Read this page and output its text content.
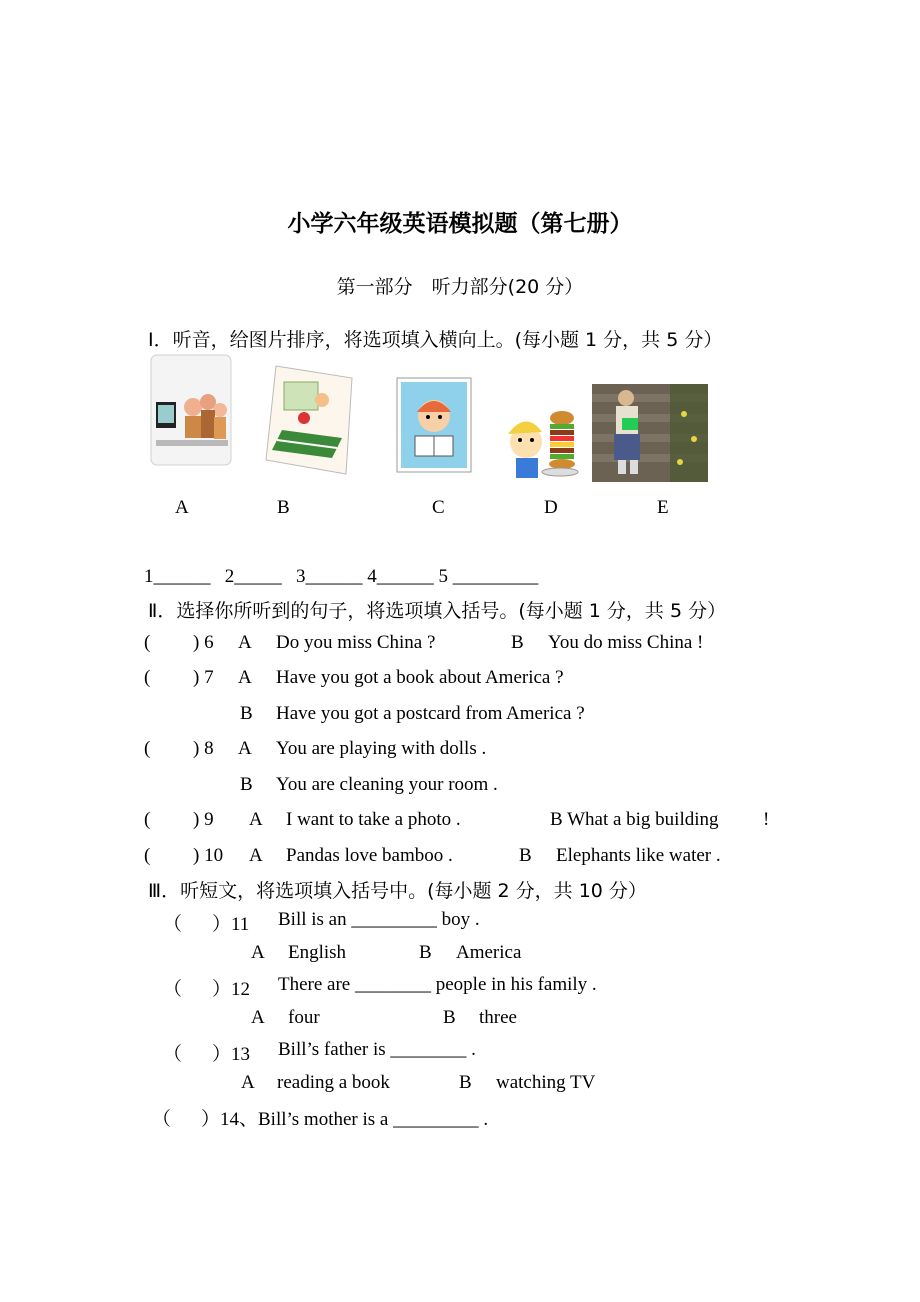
小学六年级英语模拟题（第七册）
第一部分　听力部分(20 分）
Ⅰ．听音，给图片排序，将选项填入横向上。(每小题 1 分，共 5 分）
A	B	C	D	E
1______   2_____   3______ 4______ 5 _________
Ⅱ．选择你所听到的句子，将选项填入括号。(每小题 1 分，共 5 分）
( ) 6 A Do you miss China ?	B You do miss China !
( ) 7 A Have you got a book about America ?
B Have you got a postcard from America ?
( ) 8 A You are playing with dolls .
B You are cleaning your room .
( ) 9 A I want to take a photo .	B What a big building !
( ) 10 A Pandas love bamboo .	B Elephants like water .
Ⅲ．听短文，将选项填入括号中。(每小题 2 分，共 10 分）
（ ）11 Bill is an _________ boy .
A English	B America
（ ）12 There are ________ people in his family .
A four	B three
（ ）13 Bill’s father is ________ .
A reading a book	B watching TV
（ ）14、Bill’s mother is a _________ .
